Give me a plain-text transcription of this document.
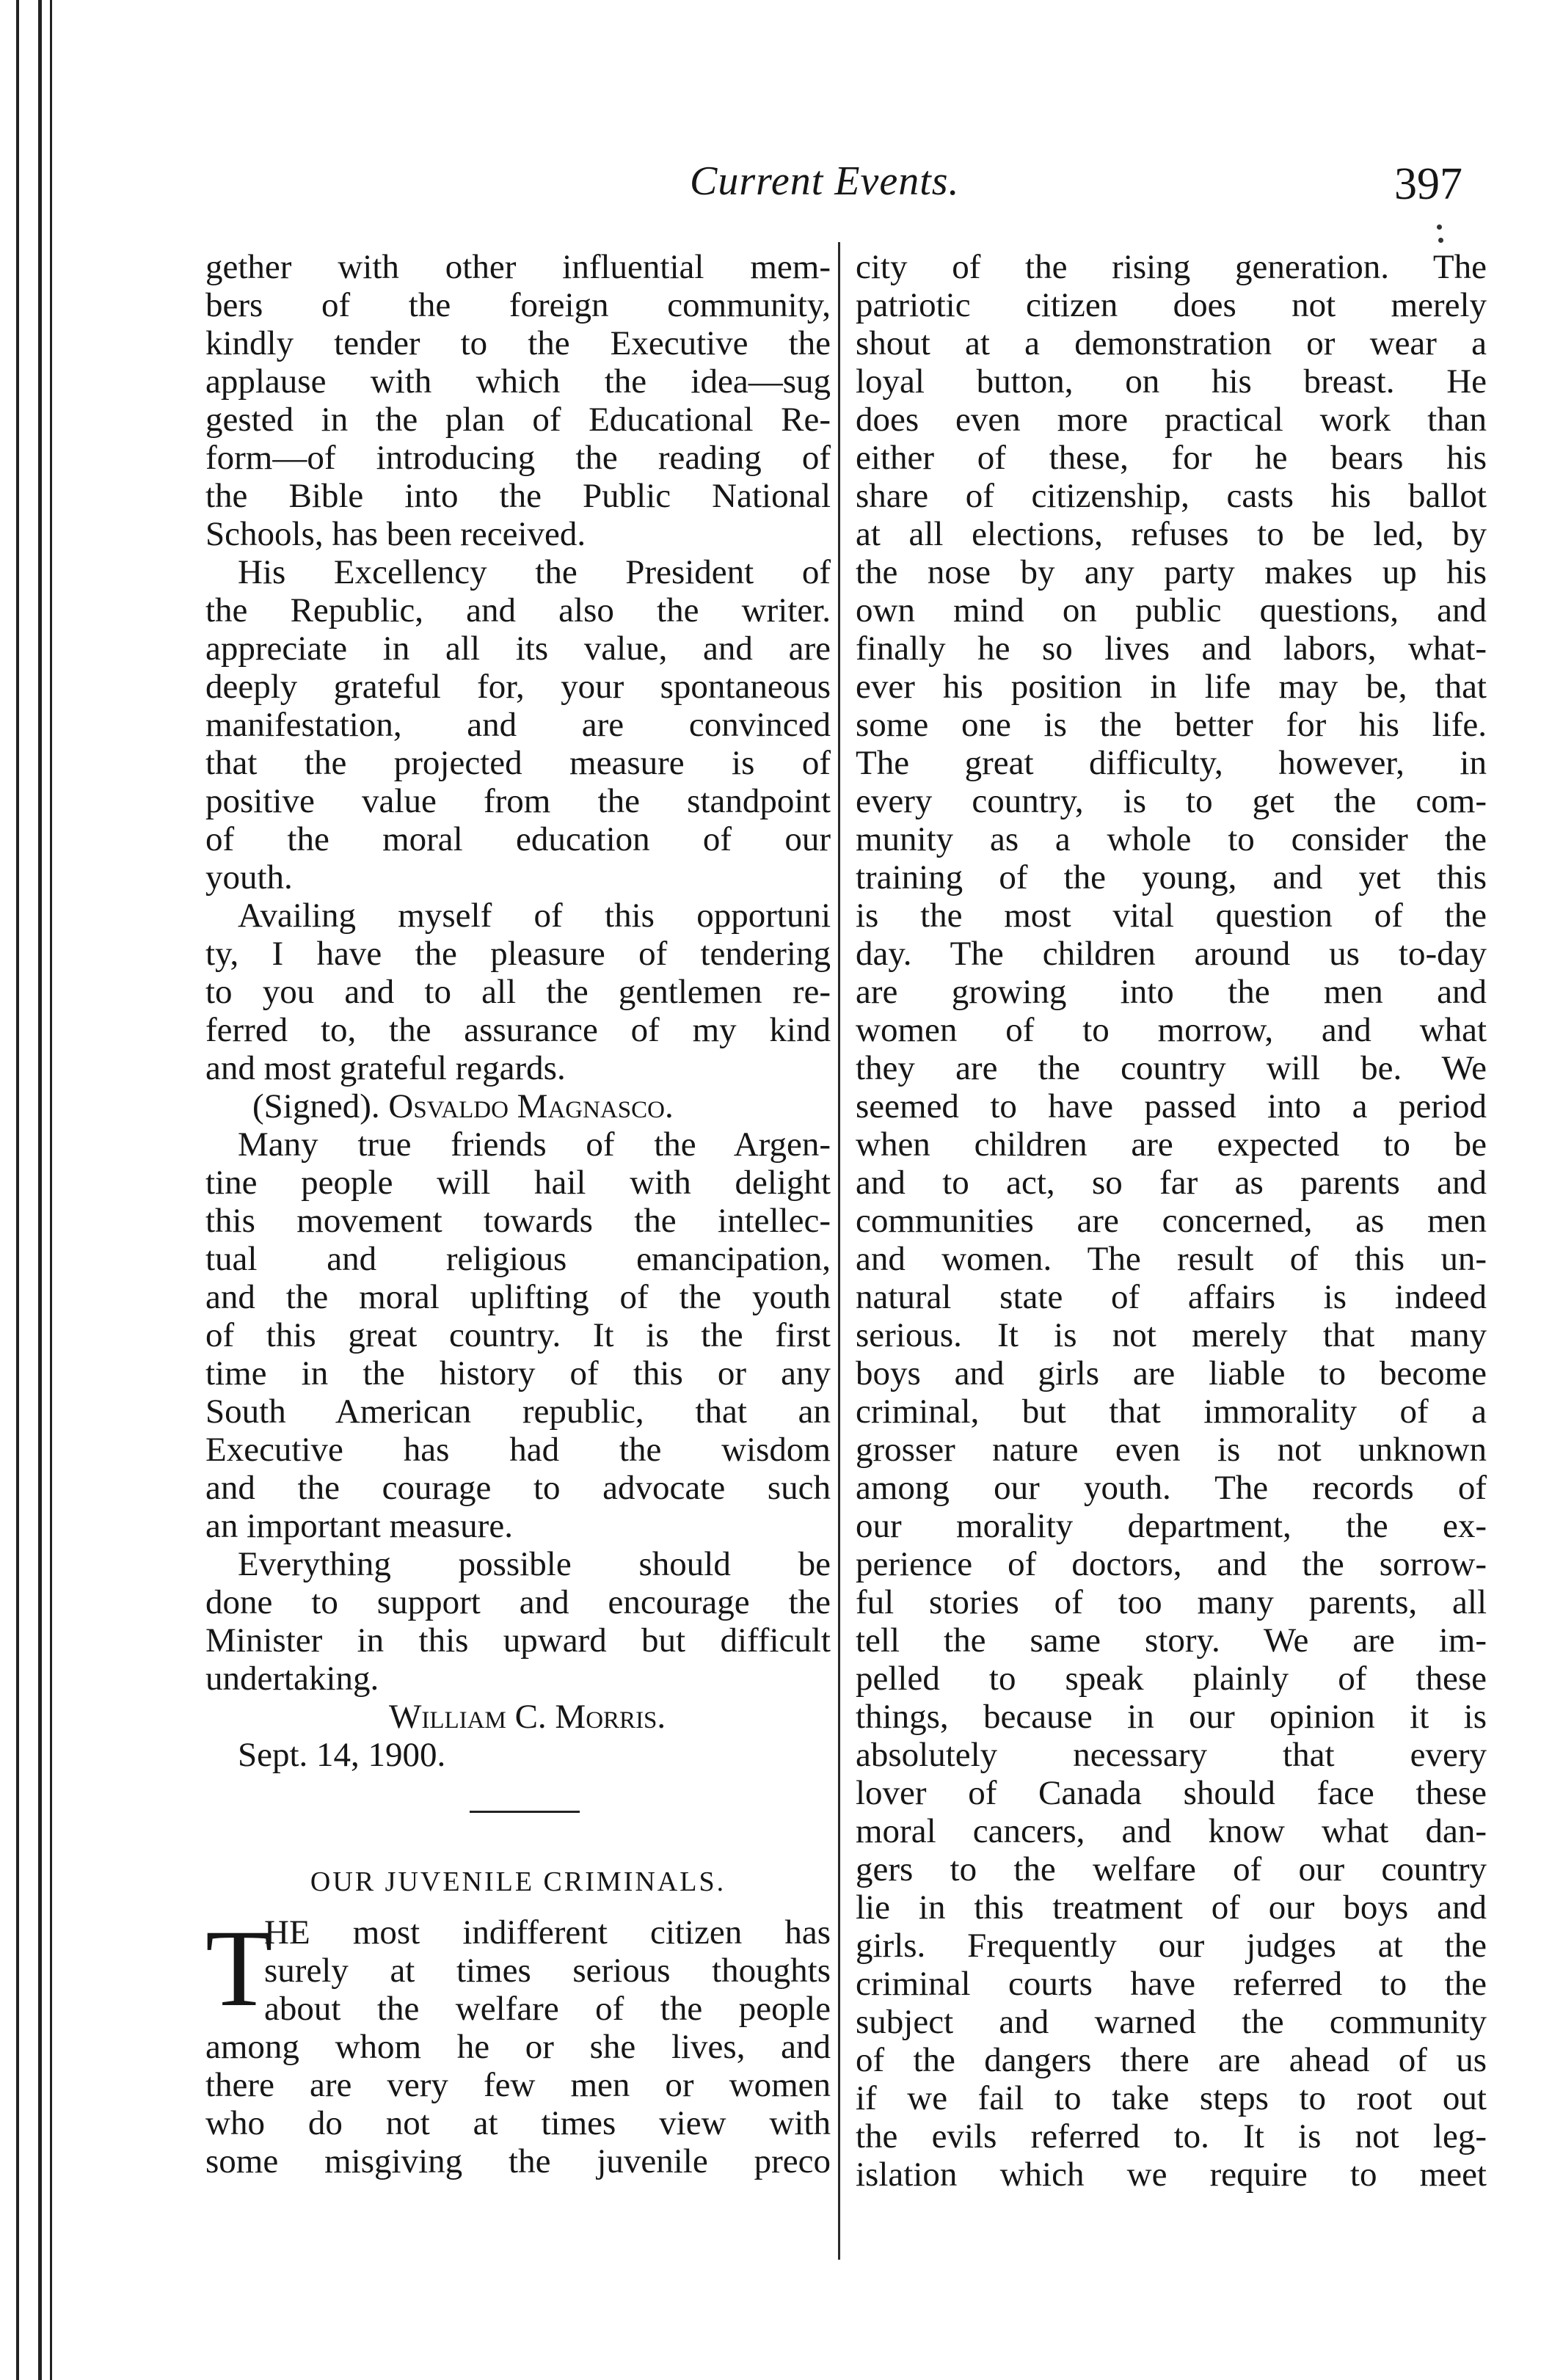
Current Events.	397
gether with other influential mem-
bers of the foreign community,
kindly tender to the Executive the
applause with which the idea—sug
gested in the plan of Educational Re-
form—of introducing the reading of
the Bible into the Public National
Schools, has been received.
His Excellency the President of
the Republic, and also the writer.
appreciate in all its value, and are
deeply grateful for, your spontaneous
manifestation, and are convinced
that the projected measure is of
positive value from the standpoint
of the moral education of our
youth.
Availing myself of this opportuni
ty, I have the pleasure of tendering
to you and to all the gentlemen re-
ferred to, the assurance of my kind
and most grateful regards.
(Signed). Osvaldo Magnasco.
Many true friends of the Argen-
tine people will hail with delight
this movement towards the intellec-
tual and religious emancipation,
and the moral uplifting of the youth
of this great country. It is the first
time in the history of this or any
South American republic, that an
Executive has had the wisdom
and the courage to advocate such
an important measure.
Everything possible should be
done to support and encourage the
Minister in this upward but difficult
undertaking.
William C. Morris.
Sept. 14, 1900.
OUR JUVENILE CRIMINALS.
T
HE most indifferent citizen has
surely at times serious thoughts
about the welfare of the people
among whom he or she lives, and
there are very few men or women
who do not at times view with
some misgiving the juvenile preco
city of the rising generation. The
patriotic citizen does not merely
shout at a demonstration or wear a
loyal button, on his breast. He
does even more practical work than
either of these, for he bears his
share of citizenship, casts his ballot
at all elections, refuses to be led, by
the nose by any party makes up his
own mind on public questions, and
finally he so lives and labors, what-
ever his position in life may be, that
some one is the better for his life.
The great difficulty, however, in
every country, is to get the com-
munity as a whole to consider the
training of the young, and yet this
is the most vital question of the
day. The children around us to-day
are growing into the men and
women of to morrow, and what
they are the country will be. We
seemed to have passed into a period
when children are expected to be
and to act, so far as parents and
communities are concerned, as men
and women. The result of this un-
natural state of affairs is indeed
serious. It is not merely that many
boys and girls are liable to become
criminal, but that immorality of a
grosser nature even is not unknown
among our youth. The records of
our morality department, the ex-
perience of doctors, and the sorrow-
ful stories of too many parents, all
tell the same story. We are im-
pelled to speak plainly of these
things, because in our opinion it is
absolutely necessary that every
lover of Canada should face these
moral cancers, and know what dan-
gers to the welfare of our country
lie in this treatment of our boys and
girls. Frequently our judges at the
criminal courts have referred to the
subject and warned the community
of the dangers there are ahead of us
if we fail to take steps to root out
the evils referred to. It is not leg-
islation which we require to meet
